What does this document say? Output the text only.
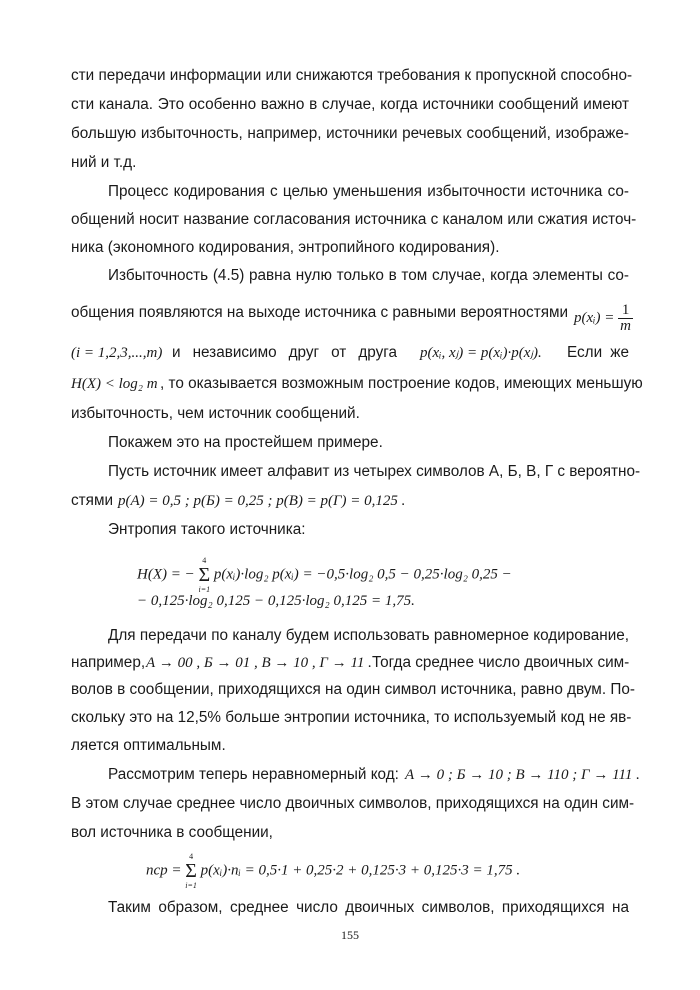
сти передачи информации или снижаются требования к пропускной способно-
сти канала. Это особенно важно в случае, когда источники сообщений имеют
большую избыточность, например, источники речевых сообщений, изображе-
ний и т.д.
Процесс кодирования с целью уменьшения избыточности источника со-
общений носит название согласования источника с каналом или сжатия источ-
ника (экономного кодирования, энтропийного кодирования).
Избыточность (4.5) равна нулю только в том случае, когда элементы со-
общения появляются на выходе источника с равными вероятностями p(xᵢ) = $\frac{1}{m}$
(i = 1,2,3,...,m) и независимо друг от друга p(xᵢ, xⱼ) = p(xᵢ)·p(xⱼ). Если же
H(X) < log₂ m , то оказывается возможным построение кодов, имеющих меньшую
избыточность, чем источник сообщений.
Покажем это на простейшем примере.
Пусть источник имеет алфавит из четырех символов А, Б, В, Г с вероятно-
стями p(A) = 0,5 ; p(Б) = 0,25 ; p(В) = p(Г) = 0,125 .
Энтропия такого источника:
H(X) = −
4
Σ
i=1
p(xᵢ)·log₂ p(xᵢ) = −0,5·log₂ 0,5 − 0,25·log₂ 0,25 −
− 0,125·log₂ 0,125 − 0,125·log₂ 0,125 = 1,75.
Для передачи по каналу будем использовать равномерное кодирование,
например, А → 00 , Б → 01 , В → 10 , Г → 11 . Тогда среднее число двоичных сим-
волов в сообщении, приходящихся на один символ источника, равно двум. По-
скольку это на 12,5% больше энтропии источника, то используемый код не яв-
ляется оптимальным.
Рассмотрим теперь неравномерный код: А → 0 ; Б → 10 ; В → 110 ; Г → 111 .
В этом случае среднее число двоичных символов, приходящихся на один сим-
вол источника в сообщении,
nср =
4
Σ
i=1
p(xᵢ)·nᵢ = 0,5·1 + 0,25·2 + 0,125·3 + 0,125·3 = 1,75 .
Таким образом, среднее число двоичных символов, приходящихся на
155
